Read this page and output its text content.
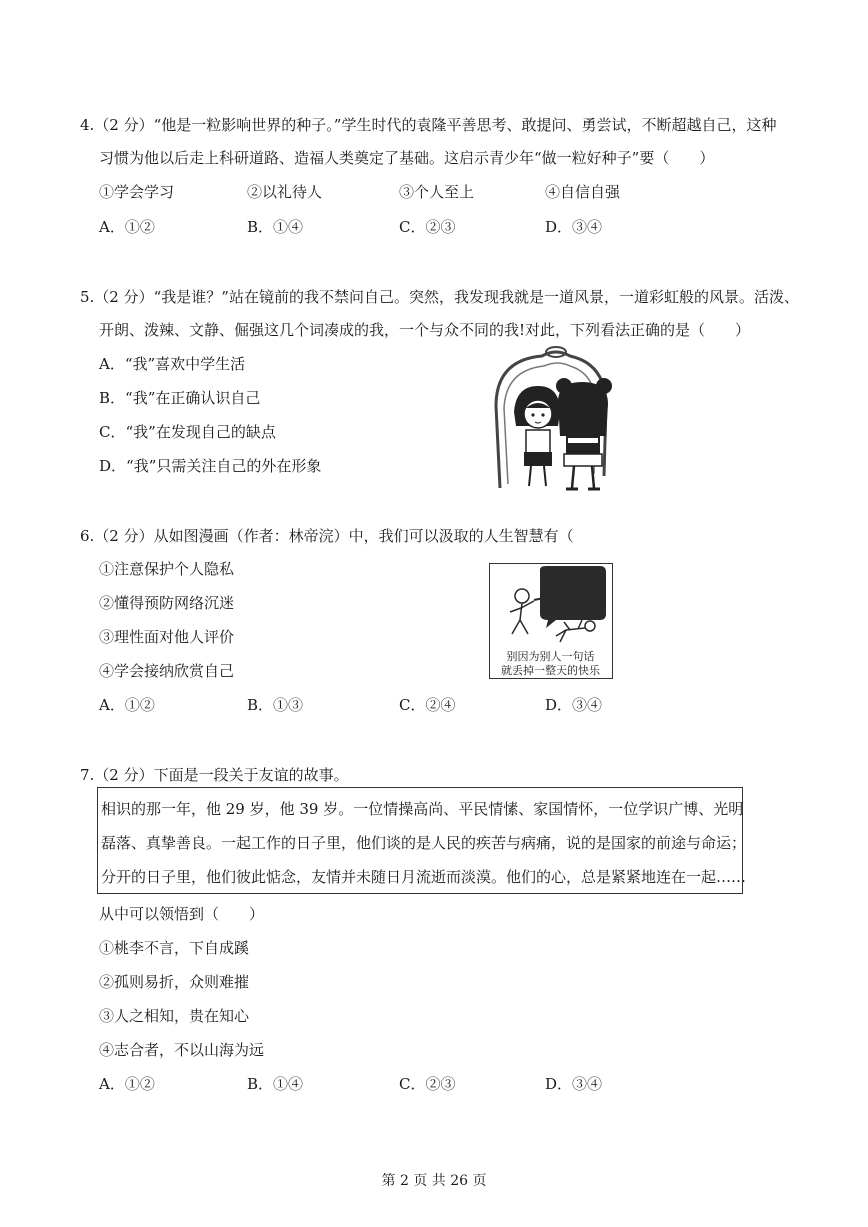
4.（2 分）“他是一粒影响世界的种子。”学生时代的袁隆平善思考、敢提问、勇尝试，不断超越自己，这种
习惯为他以后走上科研道路、造福人类奠定了基础。这启示青少年“做一粒好种子”要（　　）
①学会学习	②以礼待人	③个人至上	④自信自强
A．①②	B．①④	C．②③	D．③④
5.（2 分）“我是谁？”站在镜前的我不禁问自己。突然，我发现我就是一道风景，一道彩虹般的风景。活泼、
开朗、泼辣、文静、倔强这几个词凑成的我，一个与众不同的我!对此，下列看法正确的是（　　）
A．“我”喜欢中学生活
B．“我”在正确认识自己
C．“我”在发现自己的缺点
D．“我”只需关注自己的外在形象
6.（2 分）从如图漫画（作者：林帝浣）中，我们可以汲取的人生智慧有（
①注意保护个人隐私
②懂得预防网络沉迷
③理性面对他人评价
④学会接纳欣赏自己
别因为别人一句话
就丢掉一整天的快乐
A．①②	B．①③	C．②④	D．③④
7.（2 分）下面是一段关于友谊的故事。
相识的那一年，他 29 岁，他 39 岁。一位情操高尚、平民情愫、家国情怀，一位学识广博、光明
磊落、真挚善良。一起工作的日子里，他们谈的是人民的疾苦与病痛，说的是国家的前途与命运；
分开的日子里，他们彼此惦念，友情并未随日月流逝而淡漠。他们的心，总是紧紧地连在一起……
从中可以领悟到（　　）
①桃李不言，下自成蹊
②孤则易折，众则难摧
③人之相知，贵在知心
④志合者，不以山海为远
A．①②	B．①④	C．②③	D．③④
第 2 页 共 26 页
